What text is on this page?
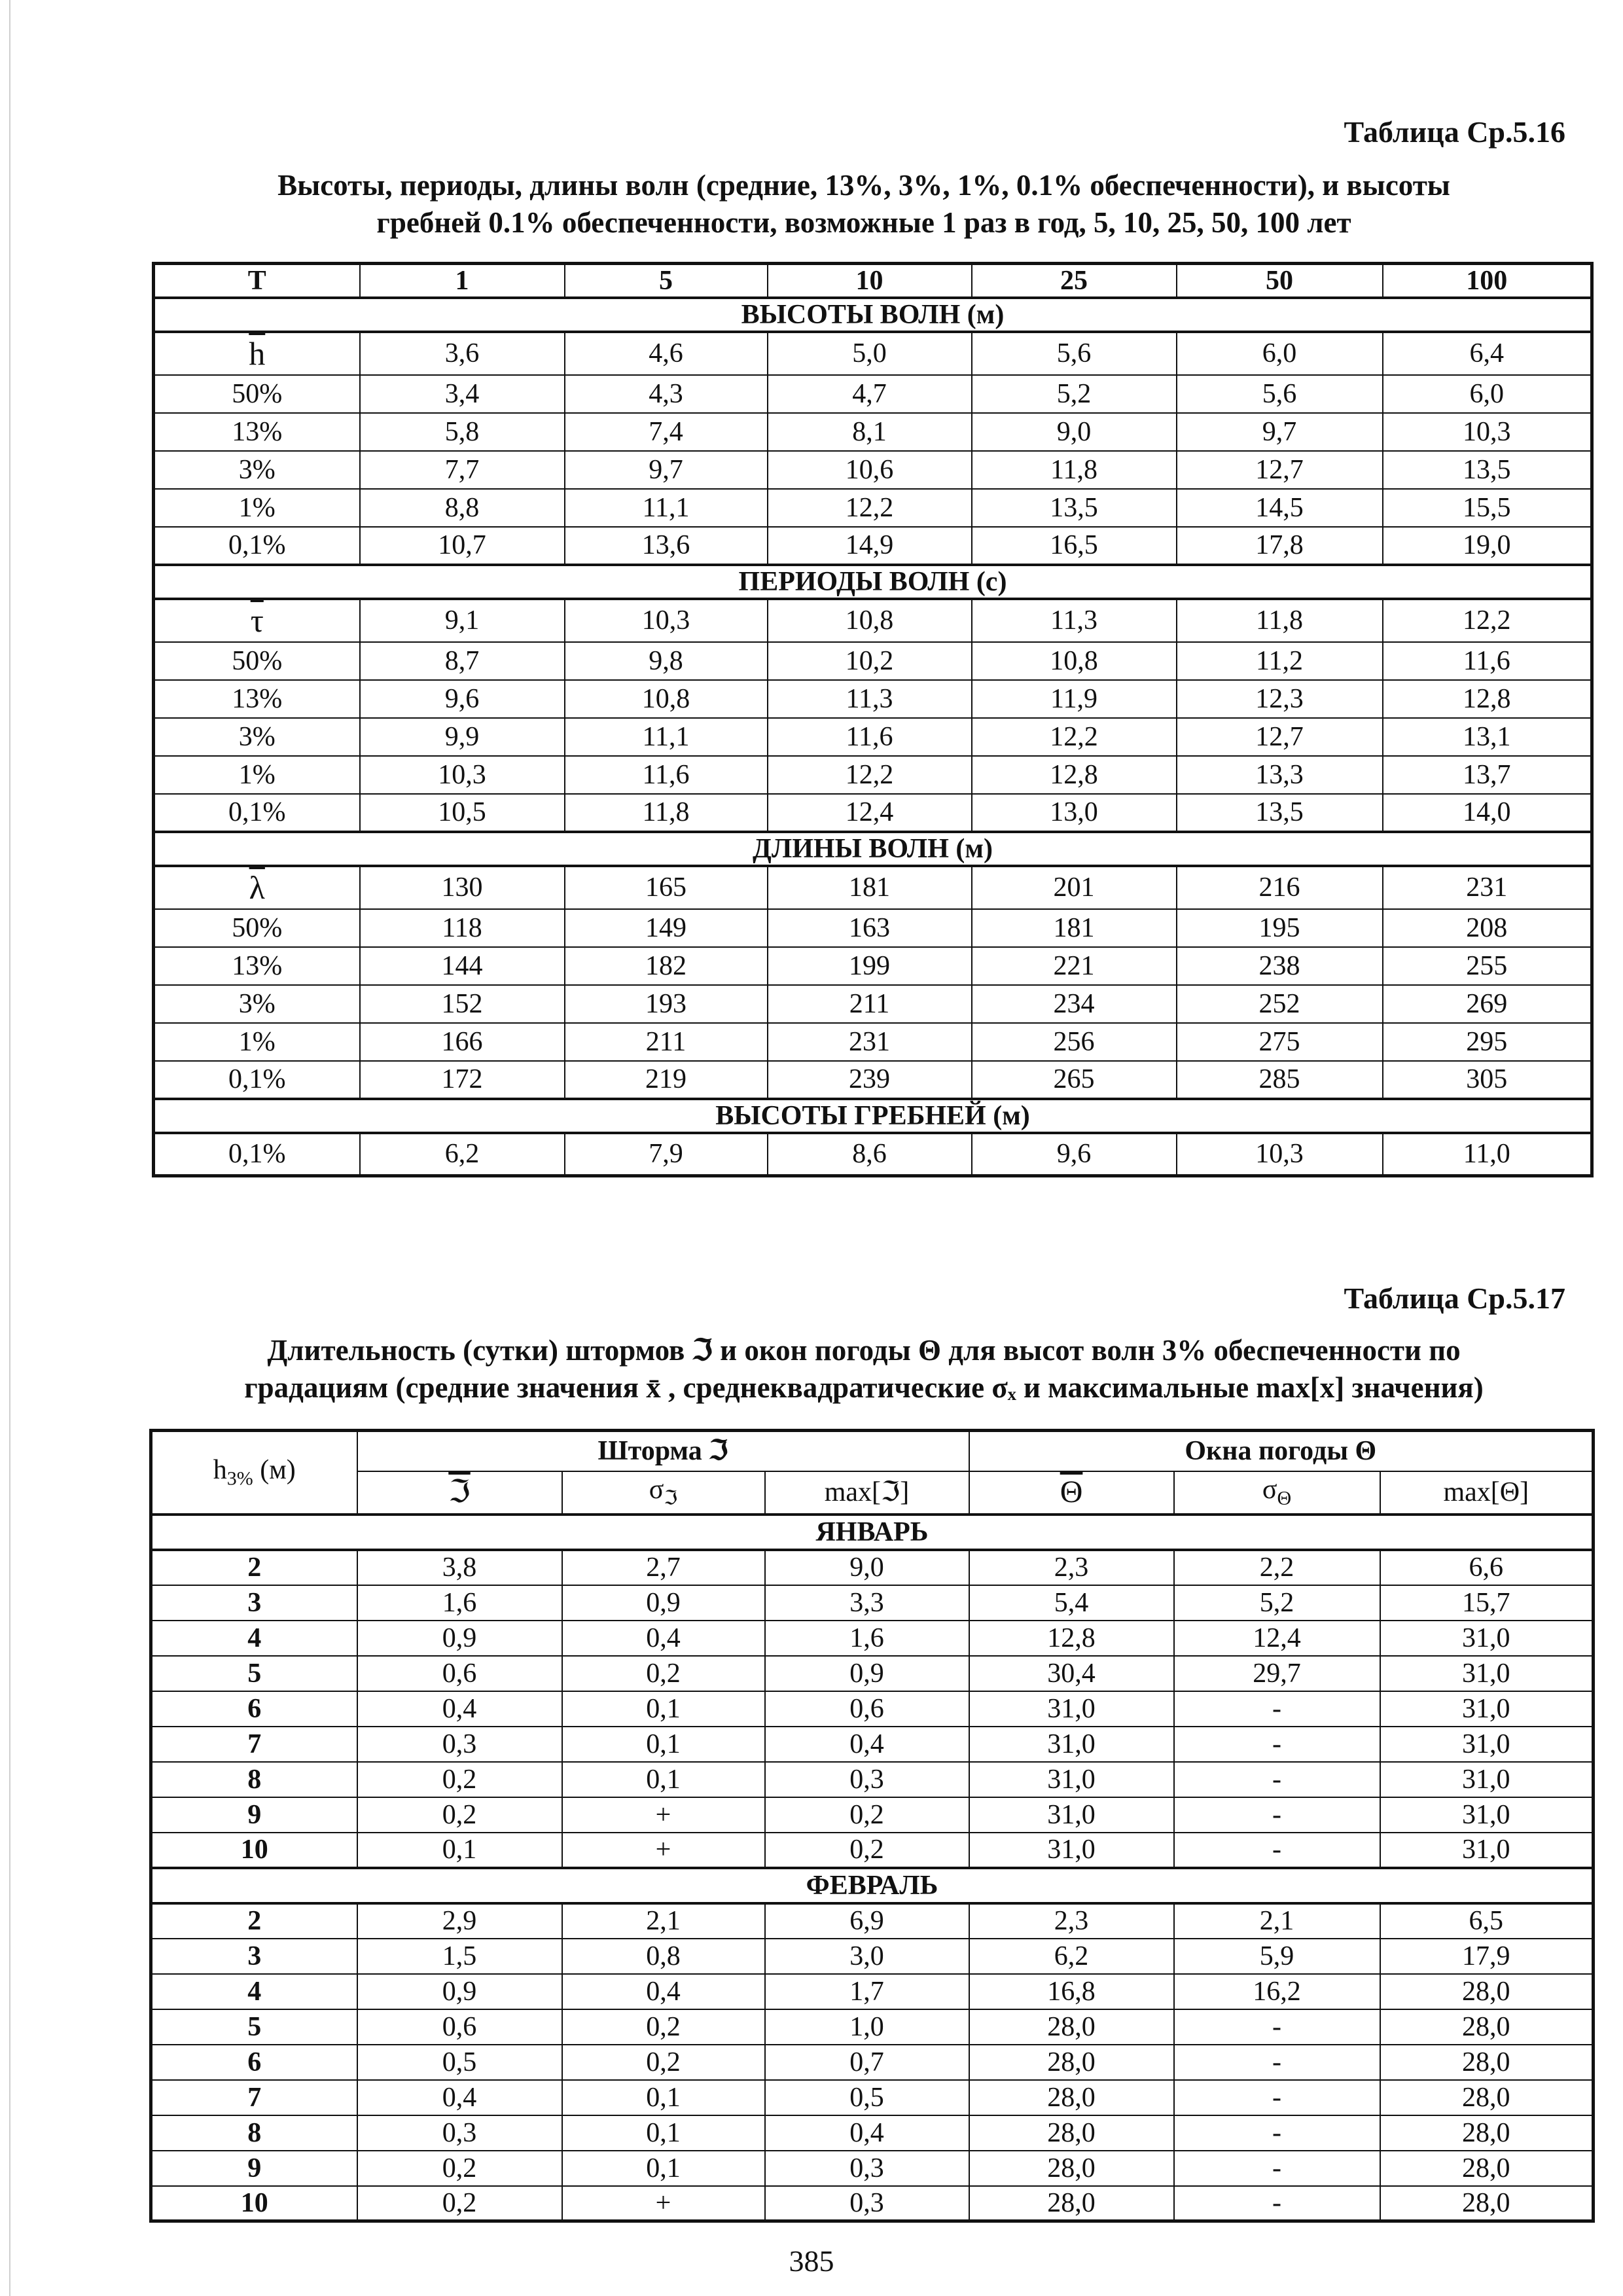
Таблица Ср.5.16
Высоты, периоды, длины волн (средние, 13%, 3%, 1%, 0.1% обеспеченности), и высоты
гребней 0.1% обеспеченности, возможные 1 раз в год, 5, 10, 25, 50, 100 лет
T	1	5	10	25	50	100
ВЫСОТЫ ВОЛН (м)						
$\overline{h}$	3,6	4,6	5,0	5,6	6,0	6,4
50%	3,4	4,3	4,7	5,2	5,6	6,0
13%	5,8	7,4	8,1	9,0	9,7	10,3
3%	7,7	9,7	10,6	11,8	12,7	13,5
1%	8,8	11,1	12,2	13,5	14,5	15,5
0,1%	10,7	13,6	14,9	16,5	17,8	19,0
ПЕРИОДЫ ВОЛН (с)						
$\overline{\tau}$	9,1	10,3	10,8	11,3	11,8	12,2
50%	8,7	9,8	10,2	10,8	11,2	11,6
13%	9,6	10,8	11,3	11,9	12,3	12,8
3%	9,9	11,1	11,6	12,2	12,7	13,1
1%	10,3	11,6	12,2	12,8	13,3	13,7
0,1%	10,5	11,8	12,4	13,0	13,5	14,0
ДЛИНЫ ВОЛН (м)						
$\overline{\lambda}$	130	165	181	201	216	231
50%	118	149	163	181	195	208
13%	144	182	199	221	238	255
3%	152	193	211	234	252	269
1%	166	211	231	256	275	295
0,1%	172	219	239	265	285	305
ВЫСОТЫ ГРЕБНЕЙ (м)						
0,1%	6,2	7,9	8,6	9,6	10,3	11,0
Таблица Ср.5.17
Длительность (сутки) штормов ℑ и окон погоды Θ для высот волн 3% обеспеченности по
градациям (средние значения x̄ , среднеквадратические σₓ и максимальные max[x] значения)
$h_{3\%}$ (м)	Шторма ℑ			Окна погоды Θ		
	ℑ	$\sigma_ℑ$	max[ℑ]	$\overline{\Theta}$	$\sigma_\Theta$	max[Θ]
ЯНВАРЬ						
2	3,8	2,7	9,0	2,3	2,2	6,6
3	1,6	0,9	3,3	5,4	5,2	15,7
4	0,9	0,4	1,6	12,8	12,4	31,0
5	0,6	0,2	0,9	30,4	29,7	31,0
6	0,4	0,1	0,6	31,0	-	31,0
7	0,3	0,1	0,4	31,0	-	31,0
8	0,2	0,1	0,3	31,0	-	31,0
9	0,2	+	0,2	31,0	-	31,0
10	0,1	+	0,2	31,0	-	31,0
ФЕВРАЛЬ						
2	2,9	2,1	6,9	2,3	2,1	6,5
3	1,5	0,8	3,0	6,2	5,9	17,9
4	0,9	0,4	1,7	16,8	16,2	28,0
5	0,6	0,2	1,0	28,0	-	28,0
6	0,5	0,2	0,7	28,0	-	28,0
7	0,4	0,1	0,5	28,0	-	28,0
8	0,3	0,1	0,4	28,0	-	28,0
9	0,2	0,1	0,3	28,0	-	28,0
10	0,2	+	0,3	28,0	-	28,0
385
